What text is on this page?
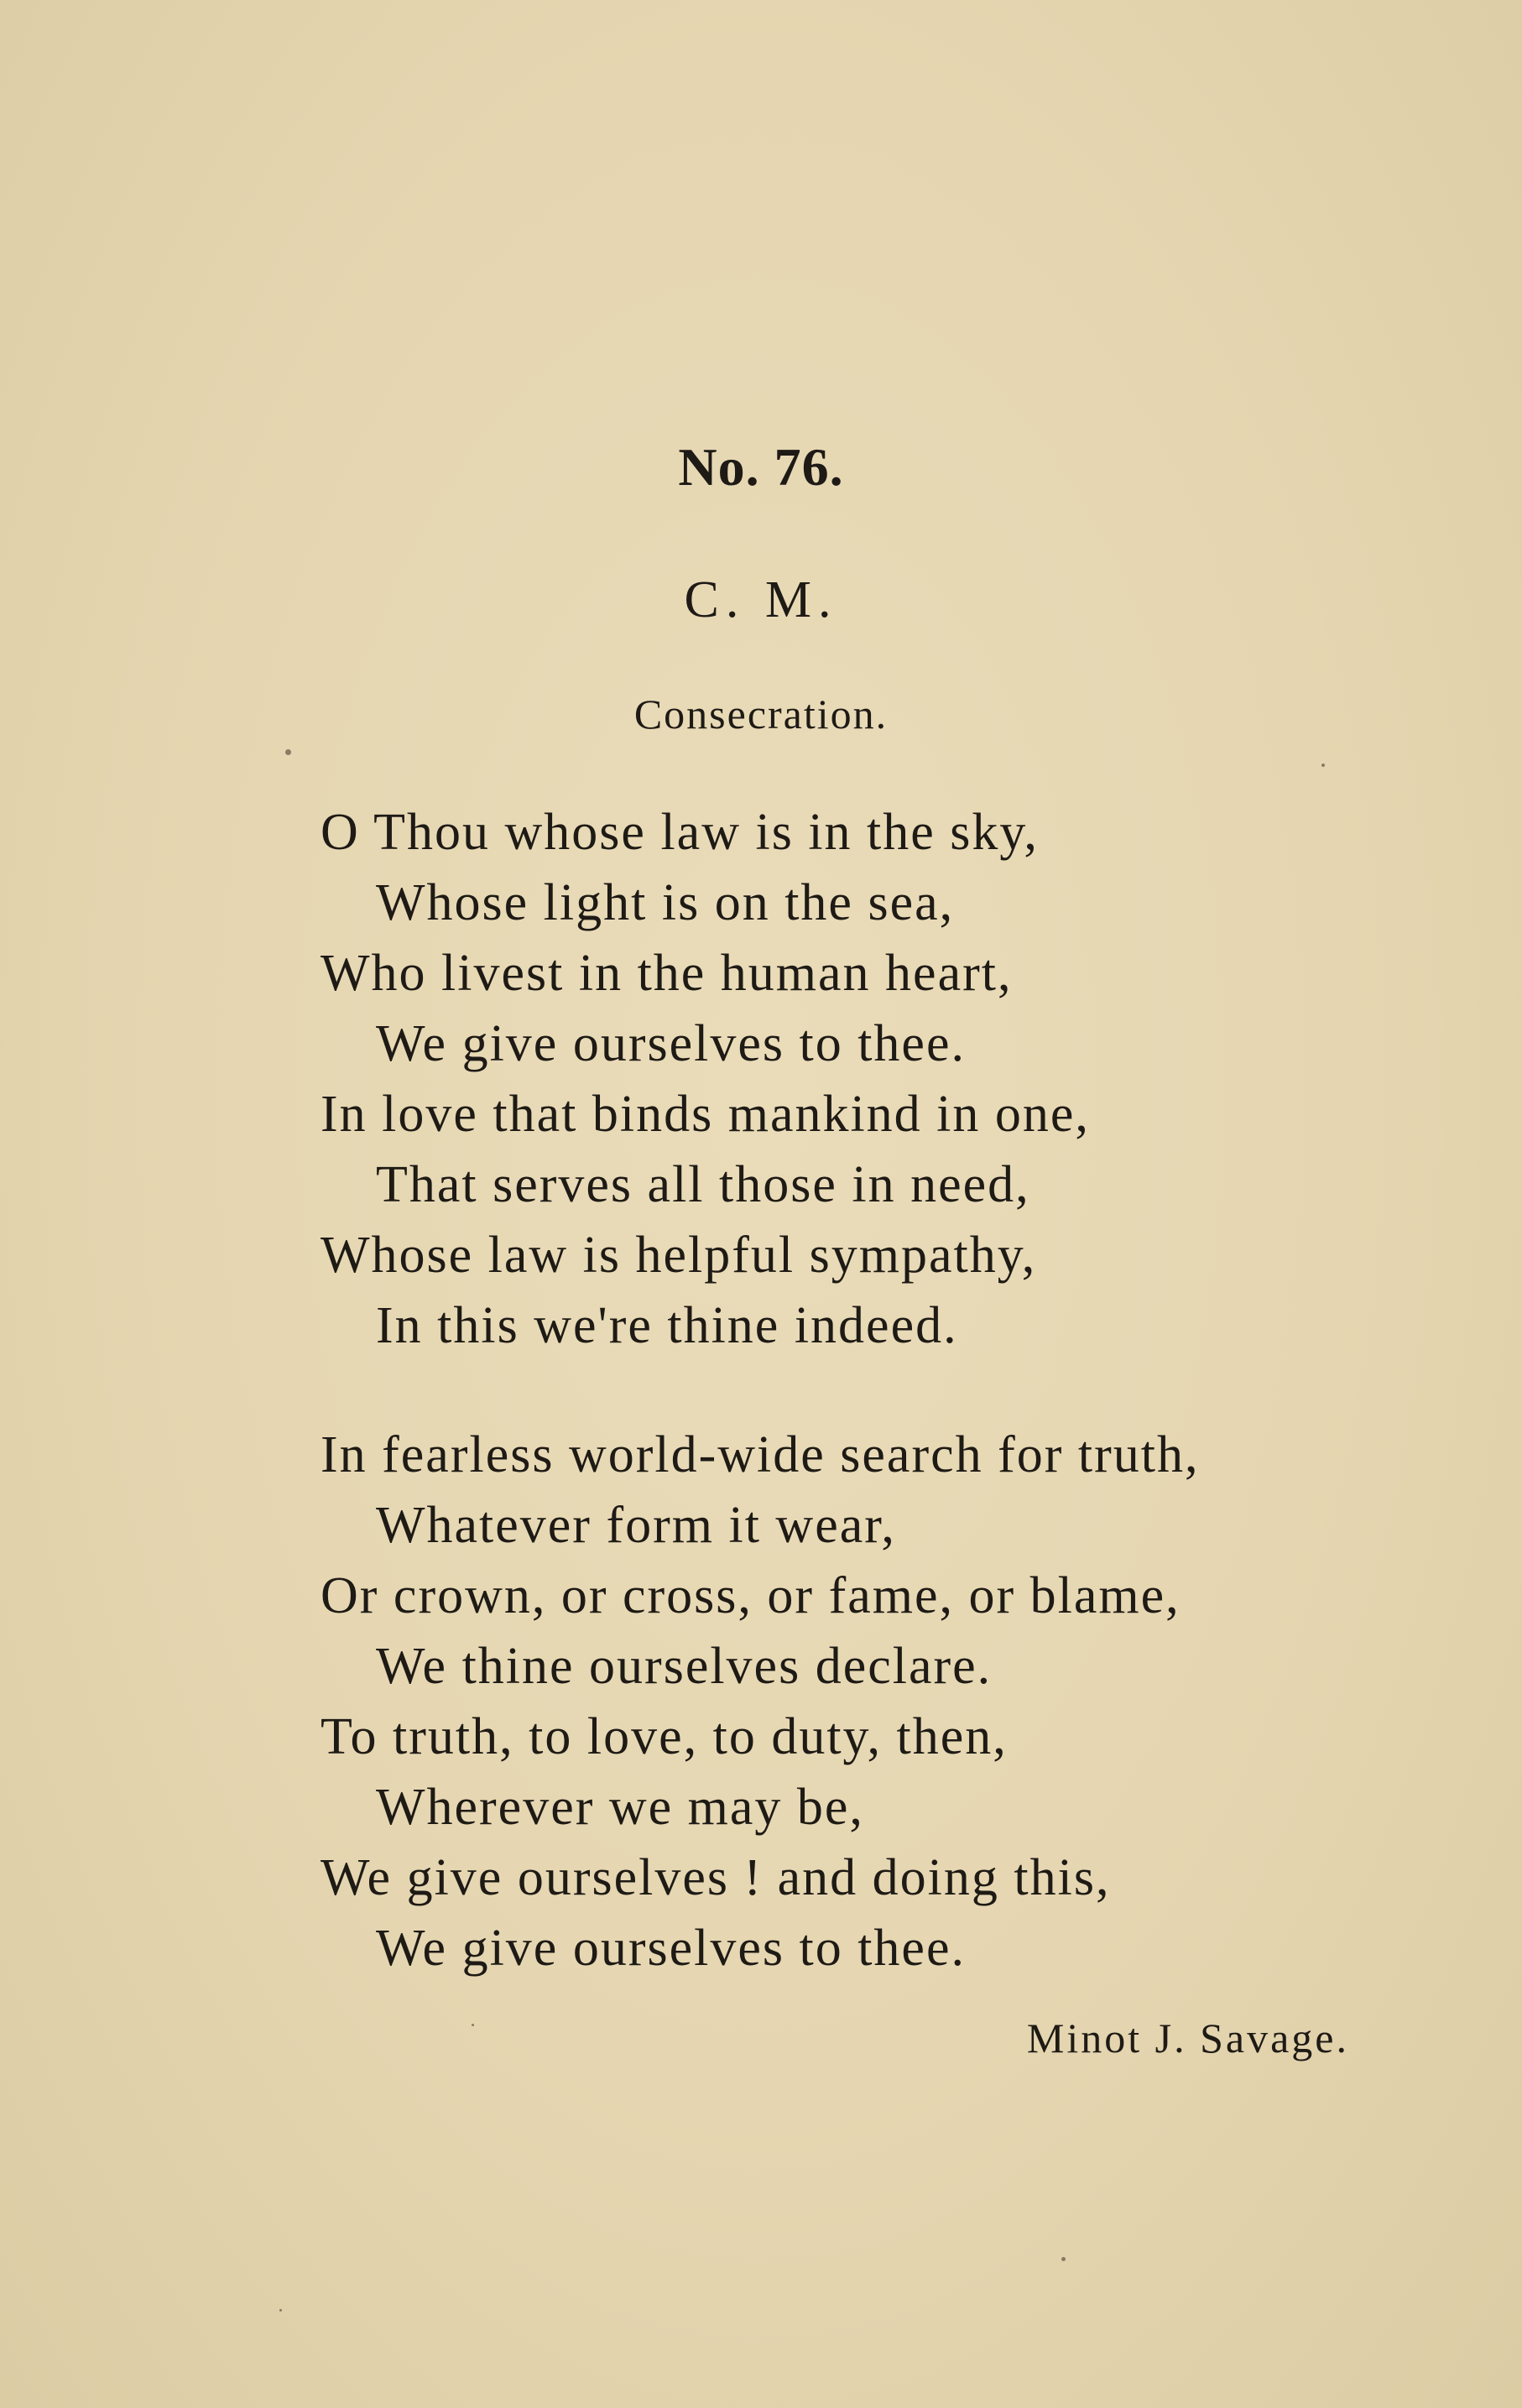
No. 76.
C. M.
Consecration.
O Thou whose law is in the sky,
Whose light is on the sea,
Who livest in the human heart,
We give ourselves to thee.
In love that binds mankind in one,
That serves all those in need,
Whose law is helpful sympathy,
In this we're thine indeed.
In fearless world-wide search for truth,
Whatever form it wear,
Or crown, or cross, or fame, or blame,
We thine ourselves declare.
To truth, to love, to duty, then,
Wherever we may be,
We give ourselves ! and doing this,
We give ourselves to thee.
Minot J. Savage.
